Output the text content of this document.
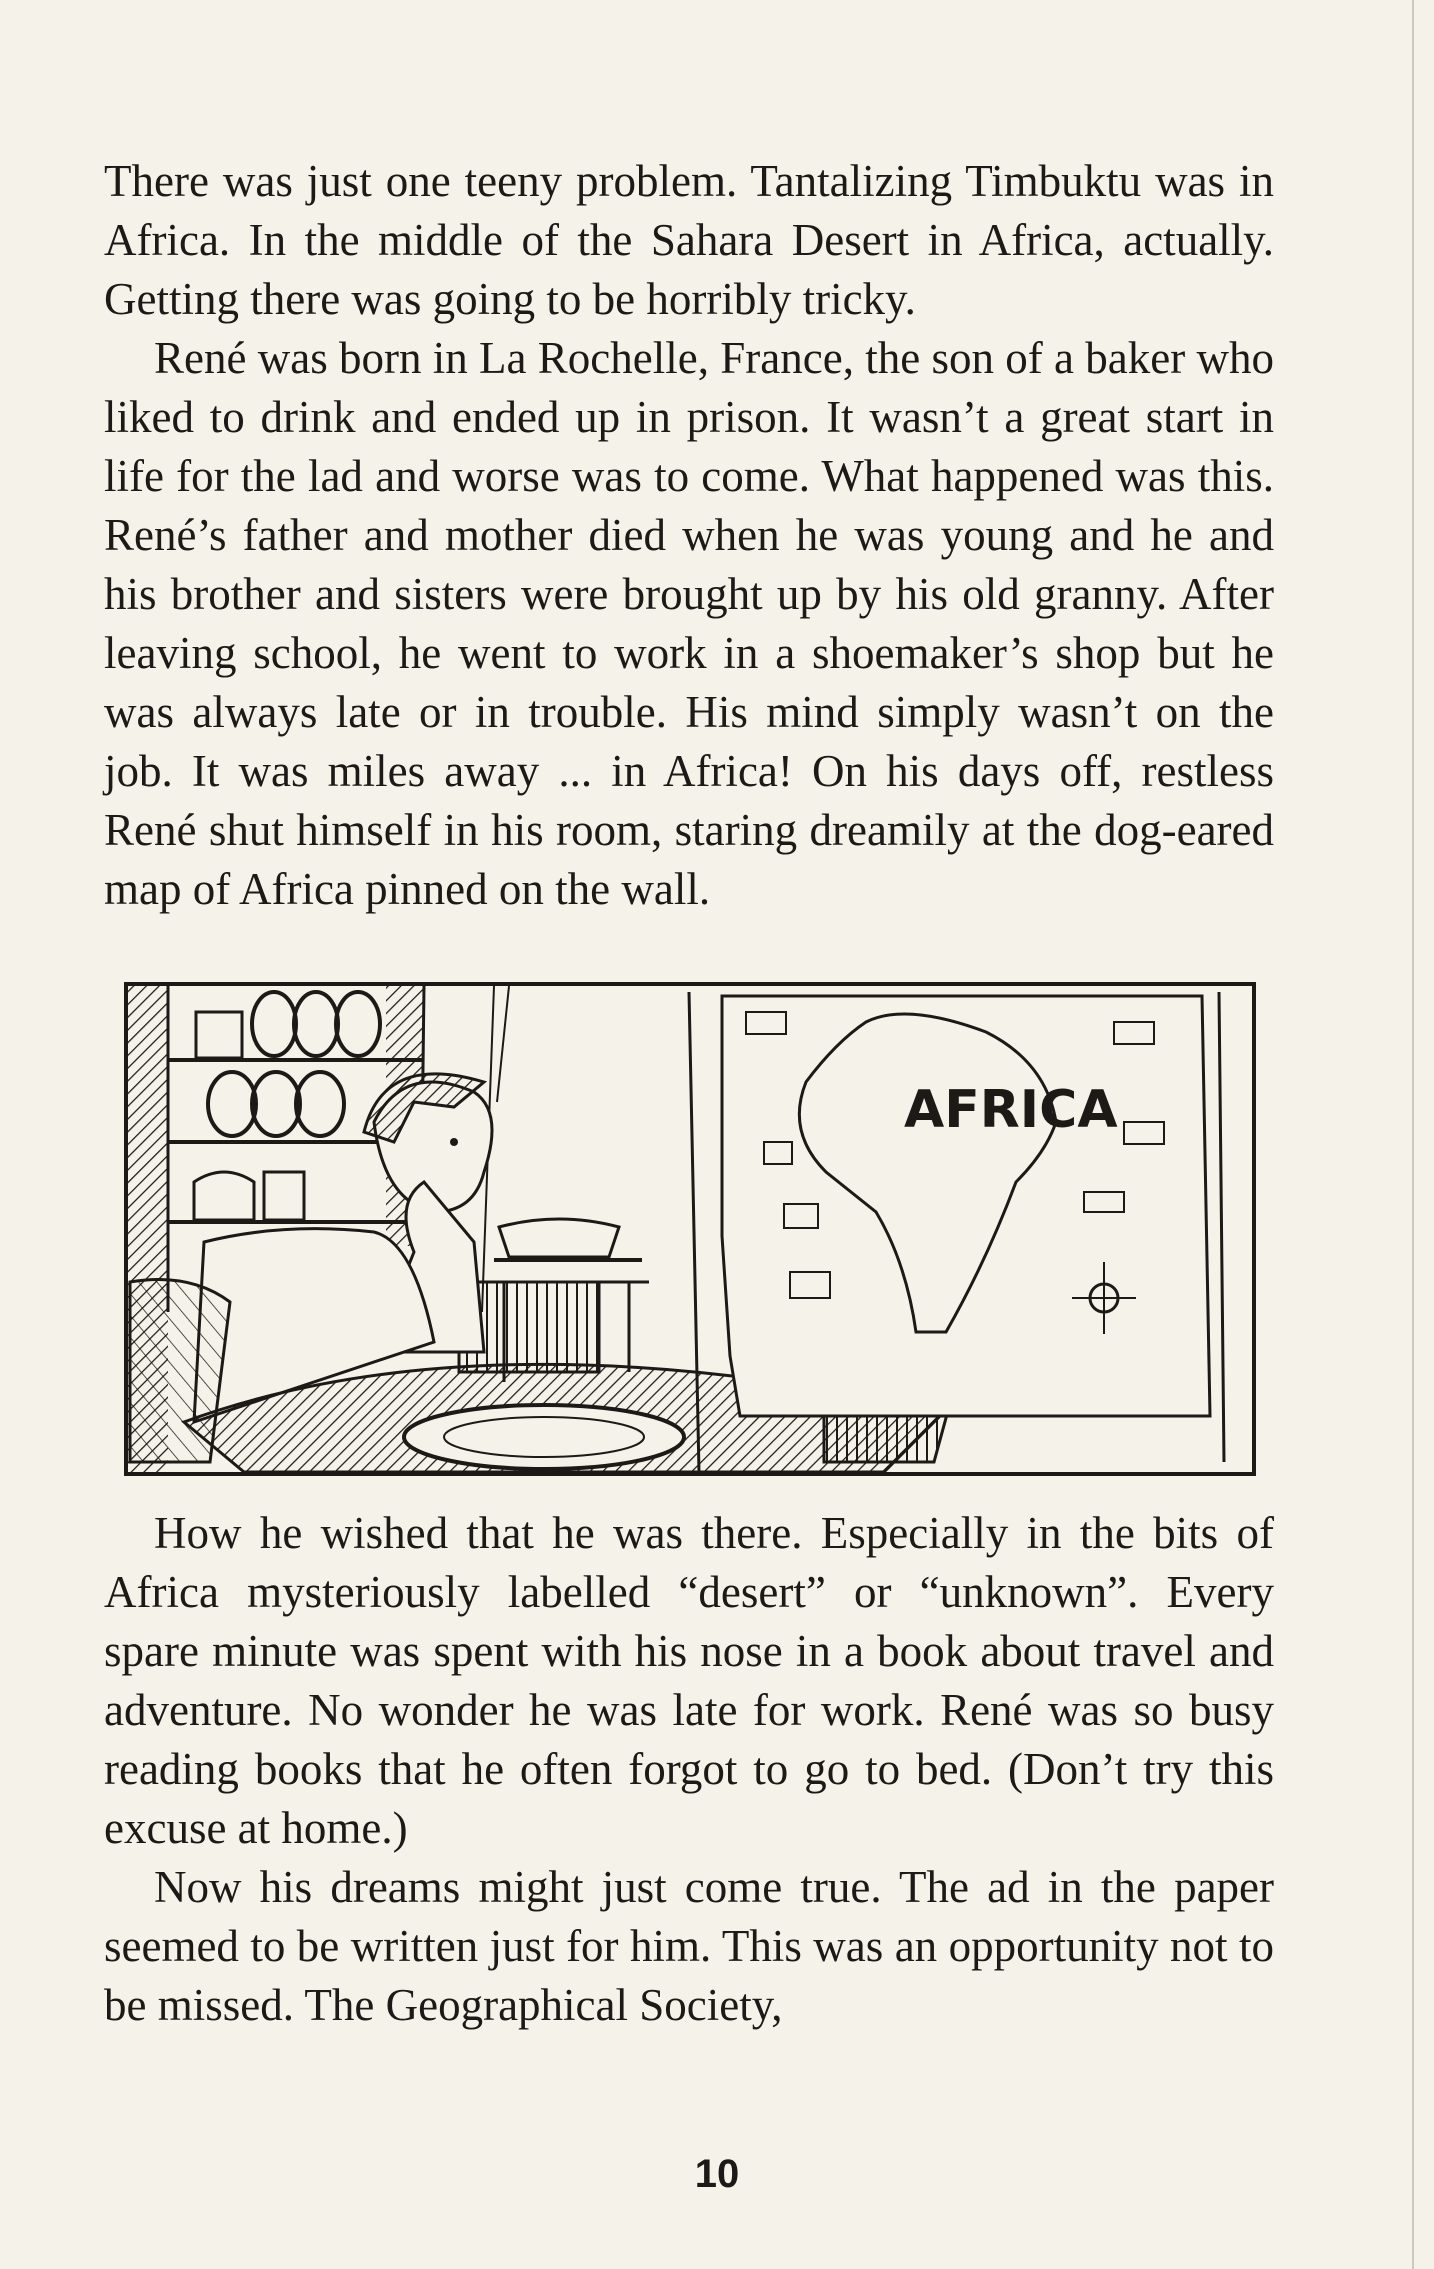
There was just one teeny problem. Tantalizing Timbuktu was in Africa. In the middle of the Sahara Desert in Africa, actually. Getting there was going to be horribly tricky.

René was born in La Rochelle, France, the son of a baker who liked to drink and ended up in prison. It wasn’t a great start in life for the lad and worse was to come. What happened was this. René’s father and mother died when he was young and he and his brother and sisters were brought up by his old granny. After leaving school, he went to work in a shoemaker’s shop but he was always late or in trouble. His mind simply wasn’t on the job. It was miles away ... in Africa! On his days off, restless René shut himself in his room, staring dreamily at the dog-eared map of Africa pinned on the wall.

AFRICA

How he wished that he was there. Especially in the bits of Africa mysteriously labelled “desert” or “unknown”. Every spare minute was spent with his nose in a book about travel and adventure. No wonder he was late for work. René was so busy reading books that he often forgot to go to bed. (Don’t try this excuse at home.)

Now his dreams might just come true. The ad in the paper seemed to be written just for him. This was an opportunity not to be missed. The Geographical Society,

10
